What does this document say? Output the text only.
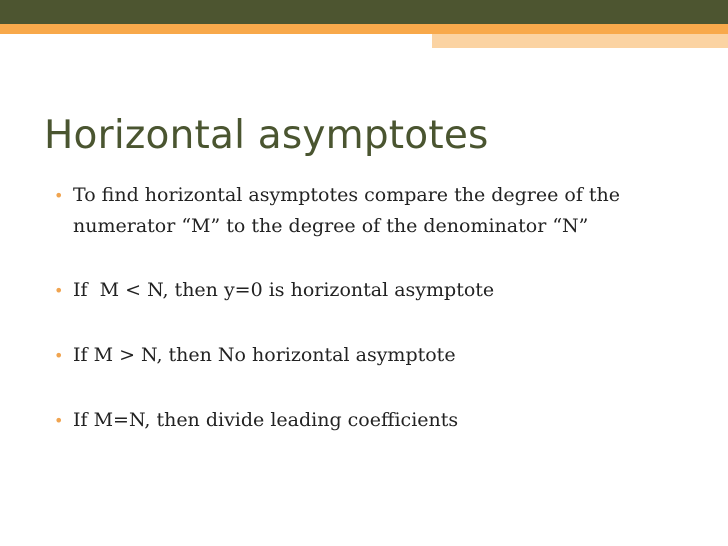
Horizontal asymptotes
• To find horizontal asymptotes compare the degree of the numerator “M” to the degree of the denominator “N”
• If  M < N, then y=0 is horizontal asymptote
• If M > N, then No horizontal asymptote
• If M=N, then divide leading coefficients
